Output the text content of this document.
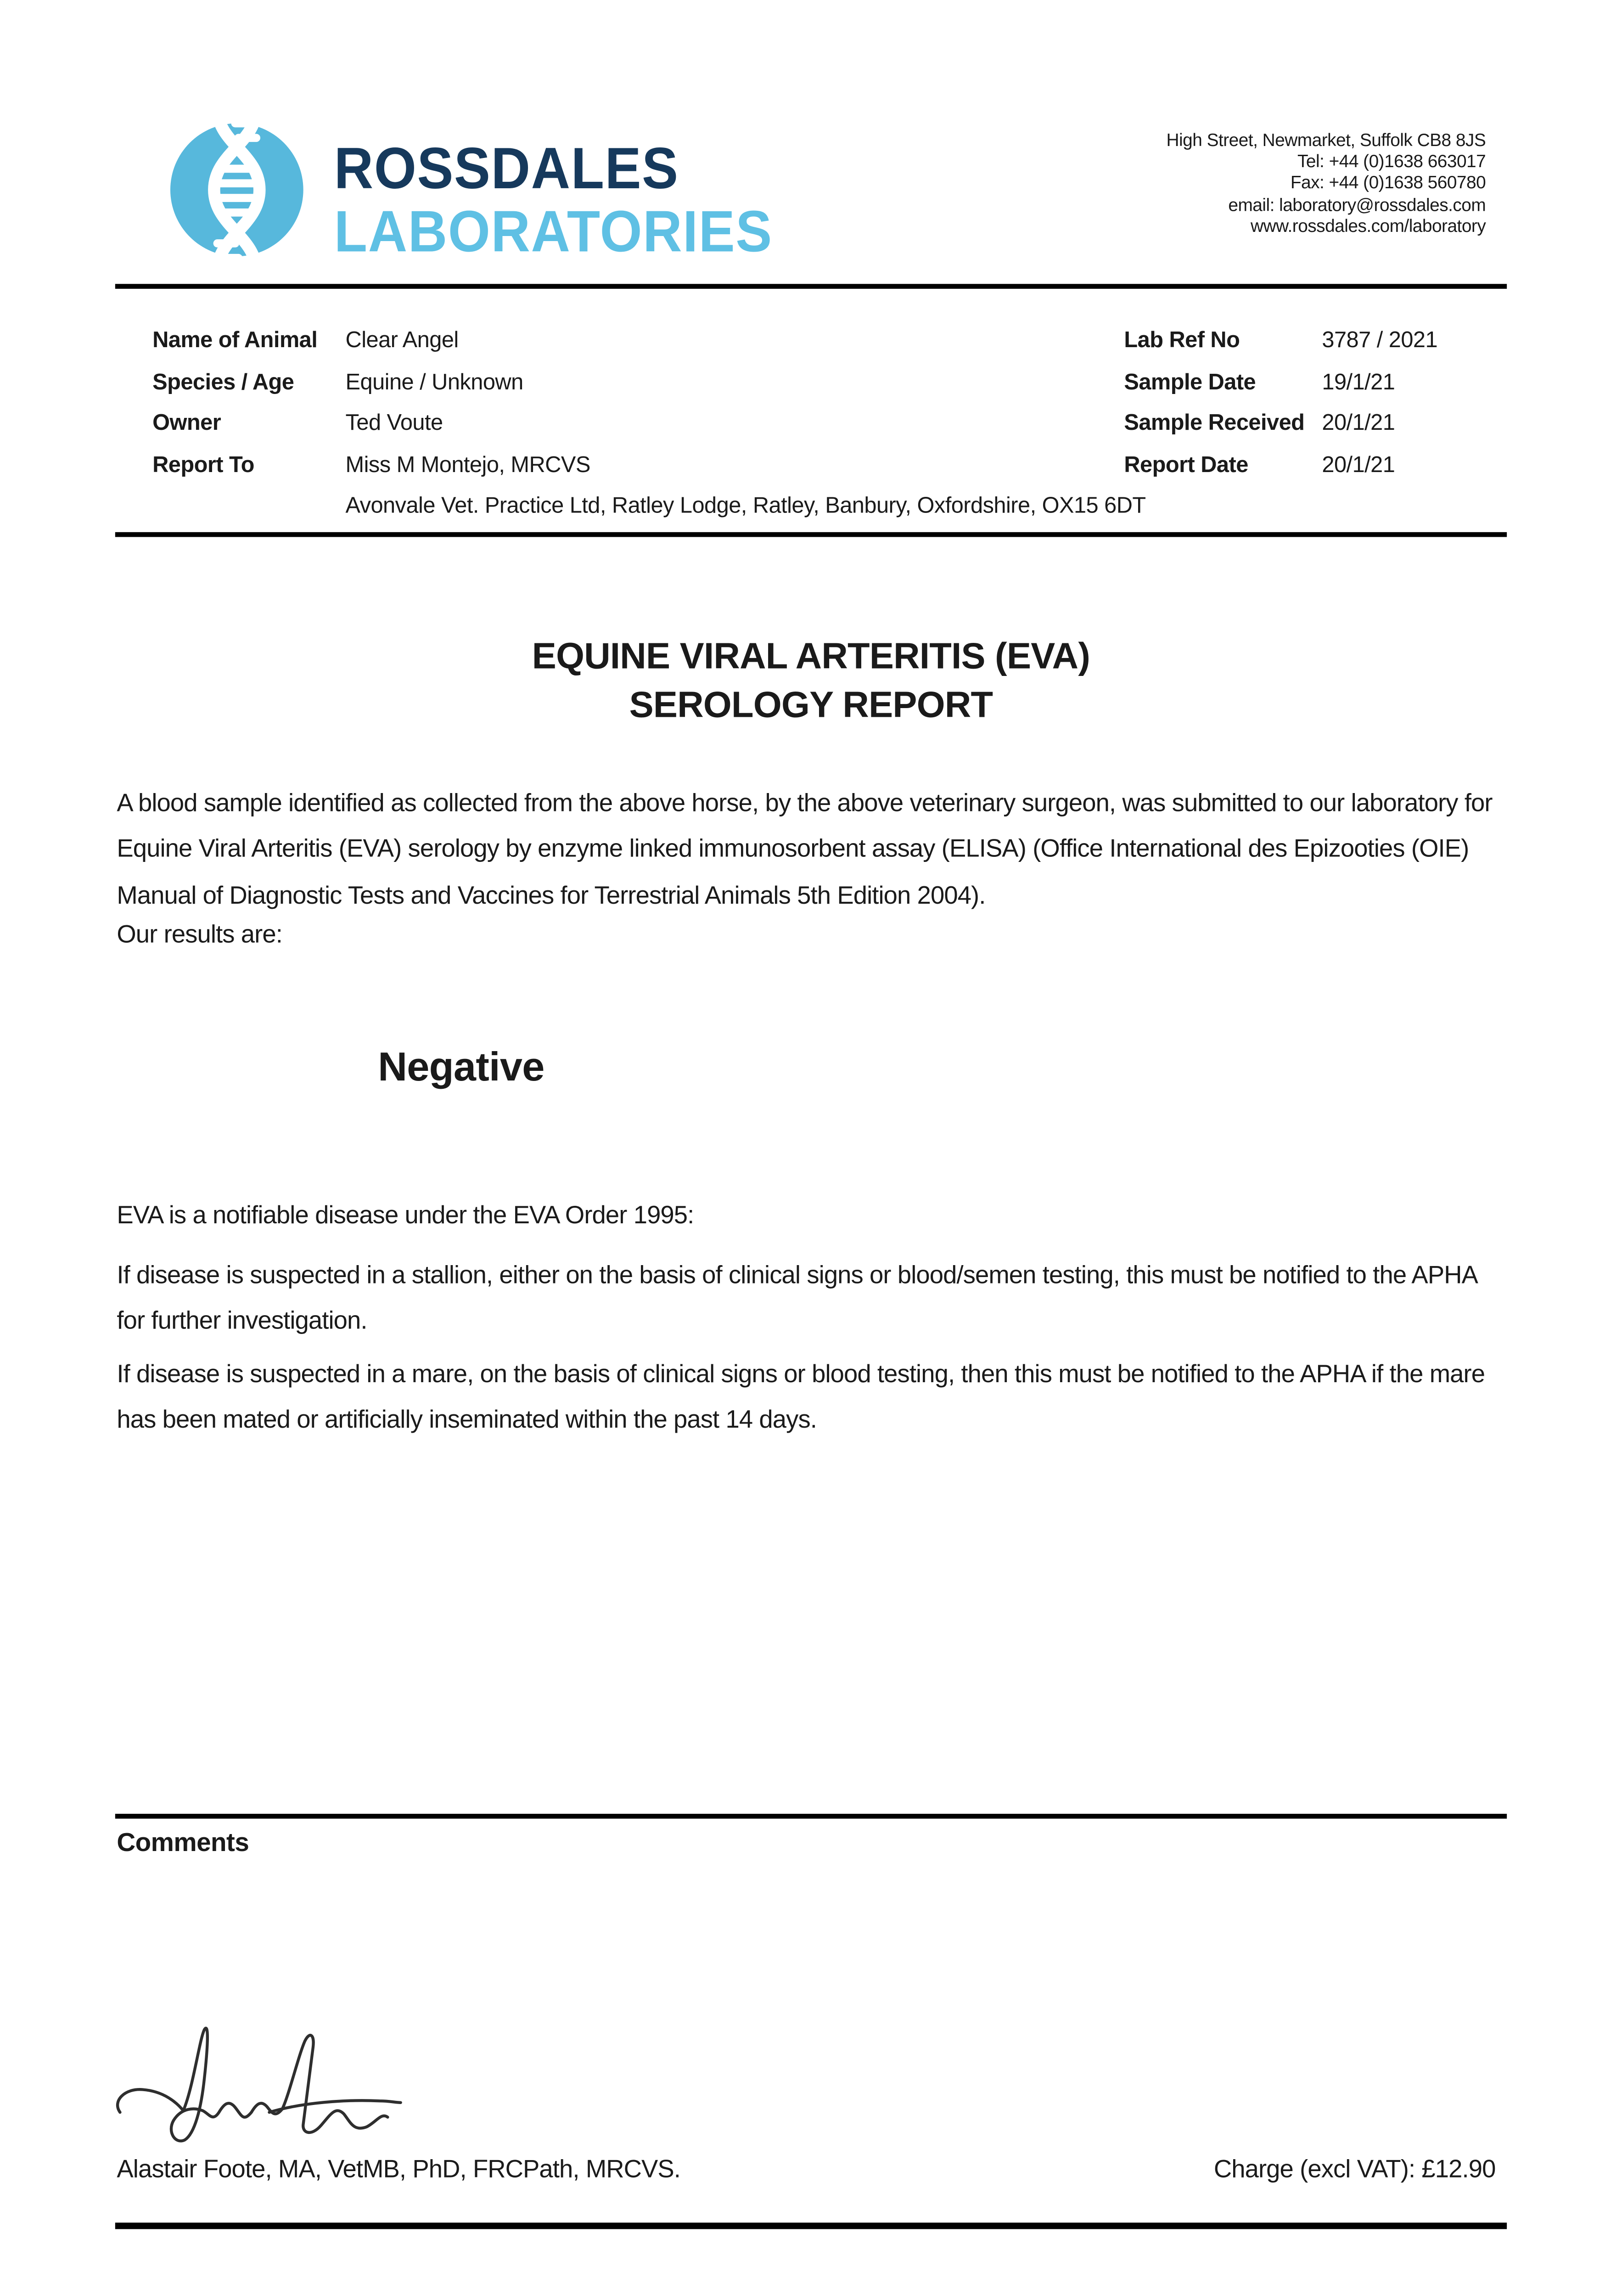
ROSSDALES
LABORATORIES
High Street, Newmarket, Suffolk CB8 8JS
Tel: +44 (0)1638 663017
Fax: +44 (0)1638 560780
email: laboratory@rossdales.com
www.rossdales.com/laboratory
Name of Animal	Clear Angel
Species / Age	Equine / Unknown
Owner	Ted Voute
Report To	Miss M Montejo, MRCVS
Avonvale Vet. Practice Ltd, Ratley Lodge, Ratley, Banbury, Oxfordshire, OX15 6DT
Lab Ref No	3787 / 2021
Sample Date	19/1/21
Sample Received	20/1/21
Report Date	20/1/21
EQUINE VIRAL ARTERITIS (EVA)
SEROLOGY REPORT
A blood sample identified as collected from the above horse, by the above veterinary surgeon, was submitted to our laboratory for Equine Viral Arteritis (EVA) serology by enzyme linked immunosorbent assay (ELISA) (Office International des Epizooties (OIE) Manual of Diagnostic Tests and Vaccines for Terrestrial Animals 5th Edition 2004).
Our results are:
Negative
EVA is a notifiable disease under the EVA Order 1995:
If disease is suspected in a stallion, either on the basis of clinical signs or blood/semen testing, this must be notified to the APHA for further investigation.
If disease is suspected in a mare, on the basis of clinical signs or blood testing, then this must be notified to the APHA if the mare has been mated or artificially inseminated within the past 14 days.
Comments
Alastair Foote, MA, VetMB, PhD, FRCPath, MRCVS.	Charge (excl VAT): £12.90
